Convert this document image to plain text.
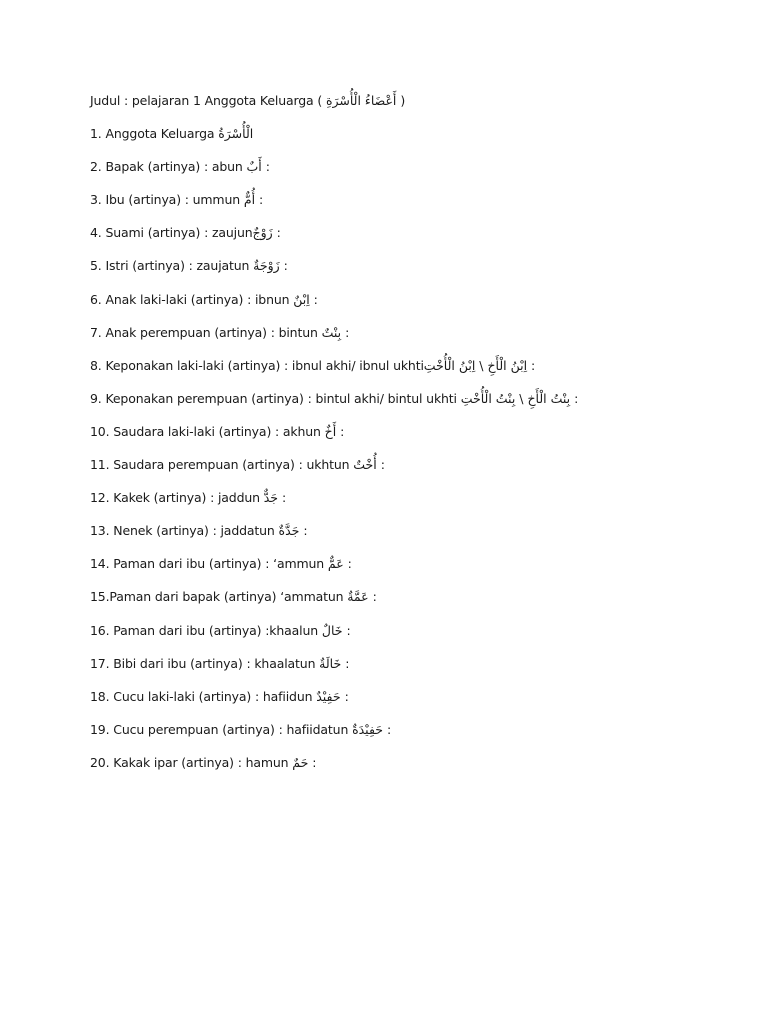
Judul : pelajaran 1 Anggota Keluarga ( أَعْضَاءُ الْأُسْرَةِ )
1. Anggota Keluarga الْأُسْرَةُ
2. Bapak (artinya) : abun أَبٌ :
3. Ibu (artinya) : ummun أُمٌّ :
4. Suami (artinya) : zaujunزَوْجٌ :
5. Istri (artinya) : zaujatun زَوْجَةٌ :
6. Anak laki-laki (artinya) : ibnun اِبْنٌ :
7. Anak perempuan (artinya) : bintun بِنْتٌ :
8. Keponakan laki-laki (artinya) : ibnul akhi/ ibnul ukhtiاِبْنُ الْأَخِ \ اِبْنُ الْأُخْتِ :
9. Keponakan perempuan (artinya) : bintul akhi/ bintul ukhti بِنْتُ الْأَخِ \ بِنْتُ الْأُخْتِ :
10. Saudara laki-laki (artinya) : akhun أَخٌ :
11. Saudara perempuan (artinya) : ukhtun أُخْتٌ :
12. Kakek (artinya) : jaddun جَدٌّ :
13. Nenek (artinya) : jaddatun جَدَّةٌ :
14. Paman dari ibu (artinya) : ‘ammun عَمٌّ :
15.Paman dari bapak (artinya) ‘ammatun عَمَّةٌ :
16. Paman dari ibu (artinya) :khaalun خَالٌ :
17. Bibi dari ibu (artinya) : khaalatun خَالَةٌ :
18. Cucu laki-laki (artinya) : hafiidun حَفِيْدٌ :
19. Cucu perempuan (artinya) : hafiidatun حَفِيْدَةٌ :
20. Kakak ipar (artinya) : hamun حَمٌ :
